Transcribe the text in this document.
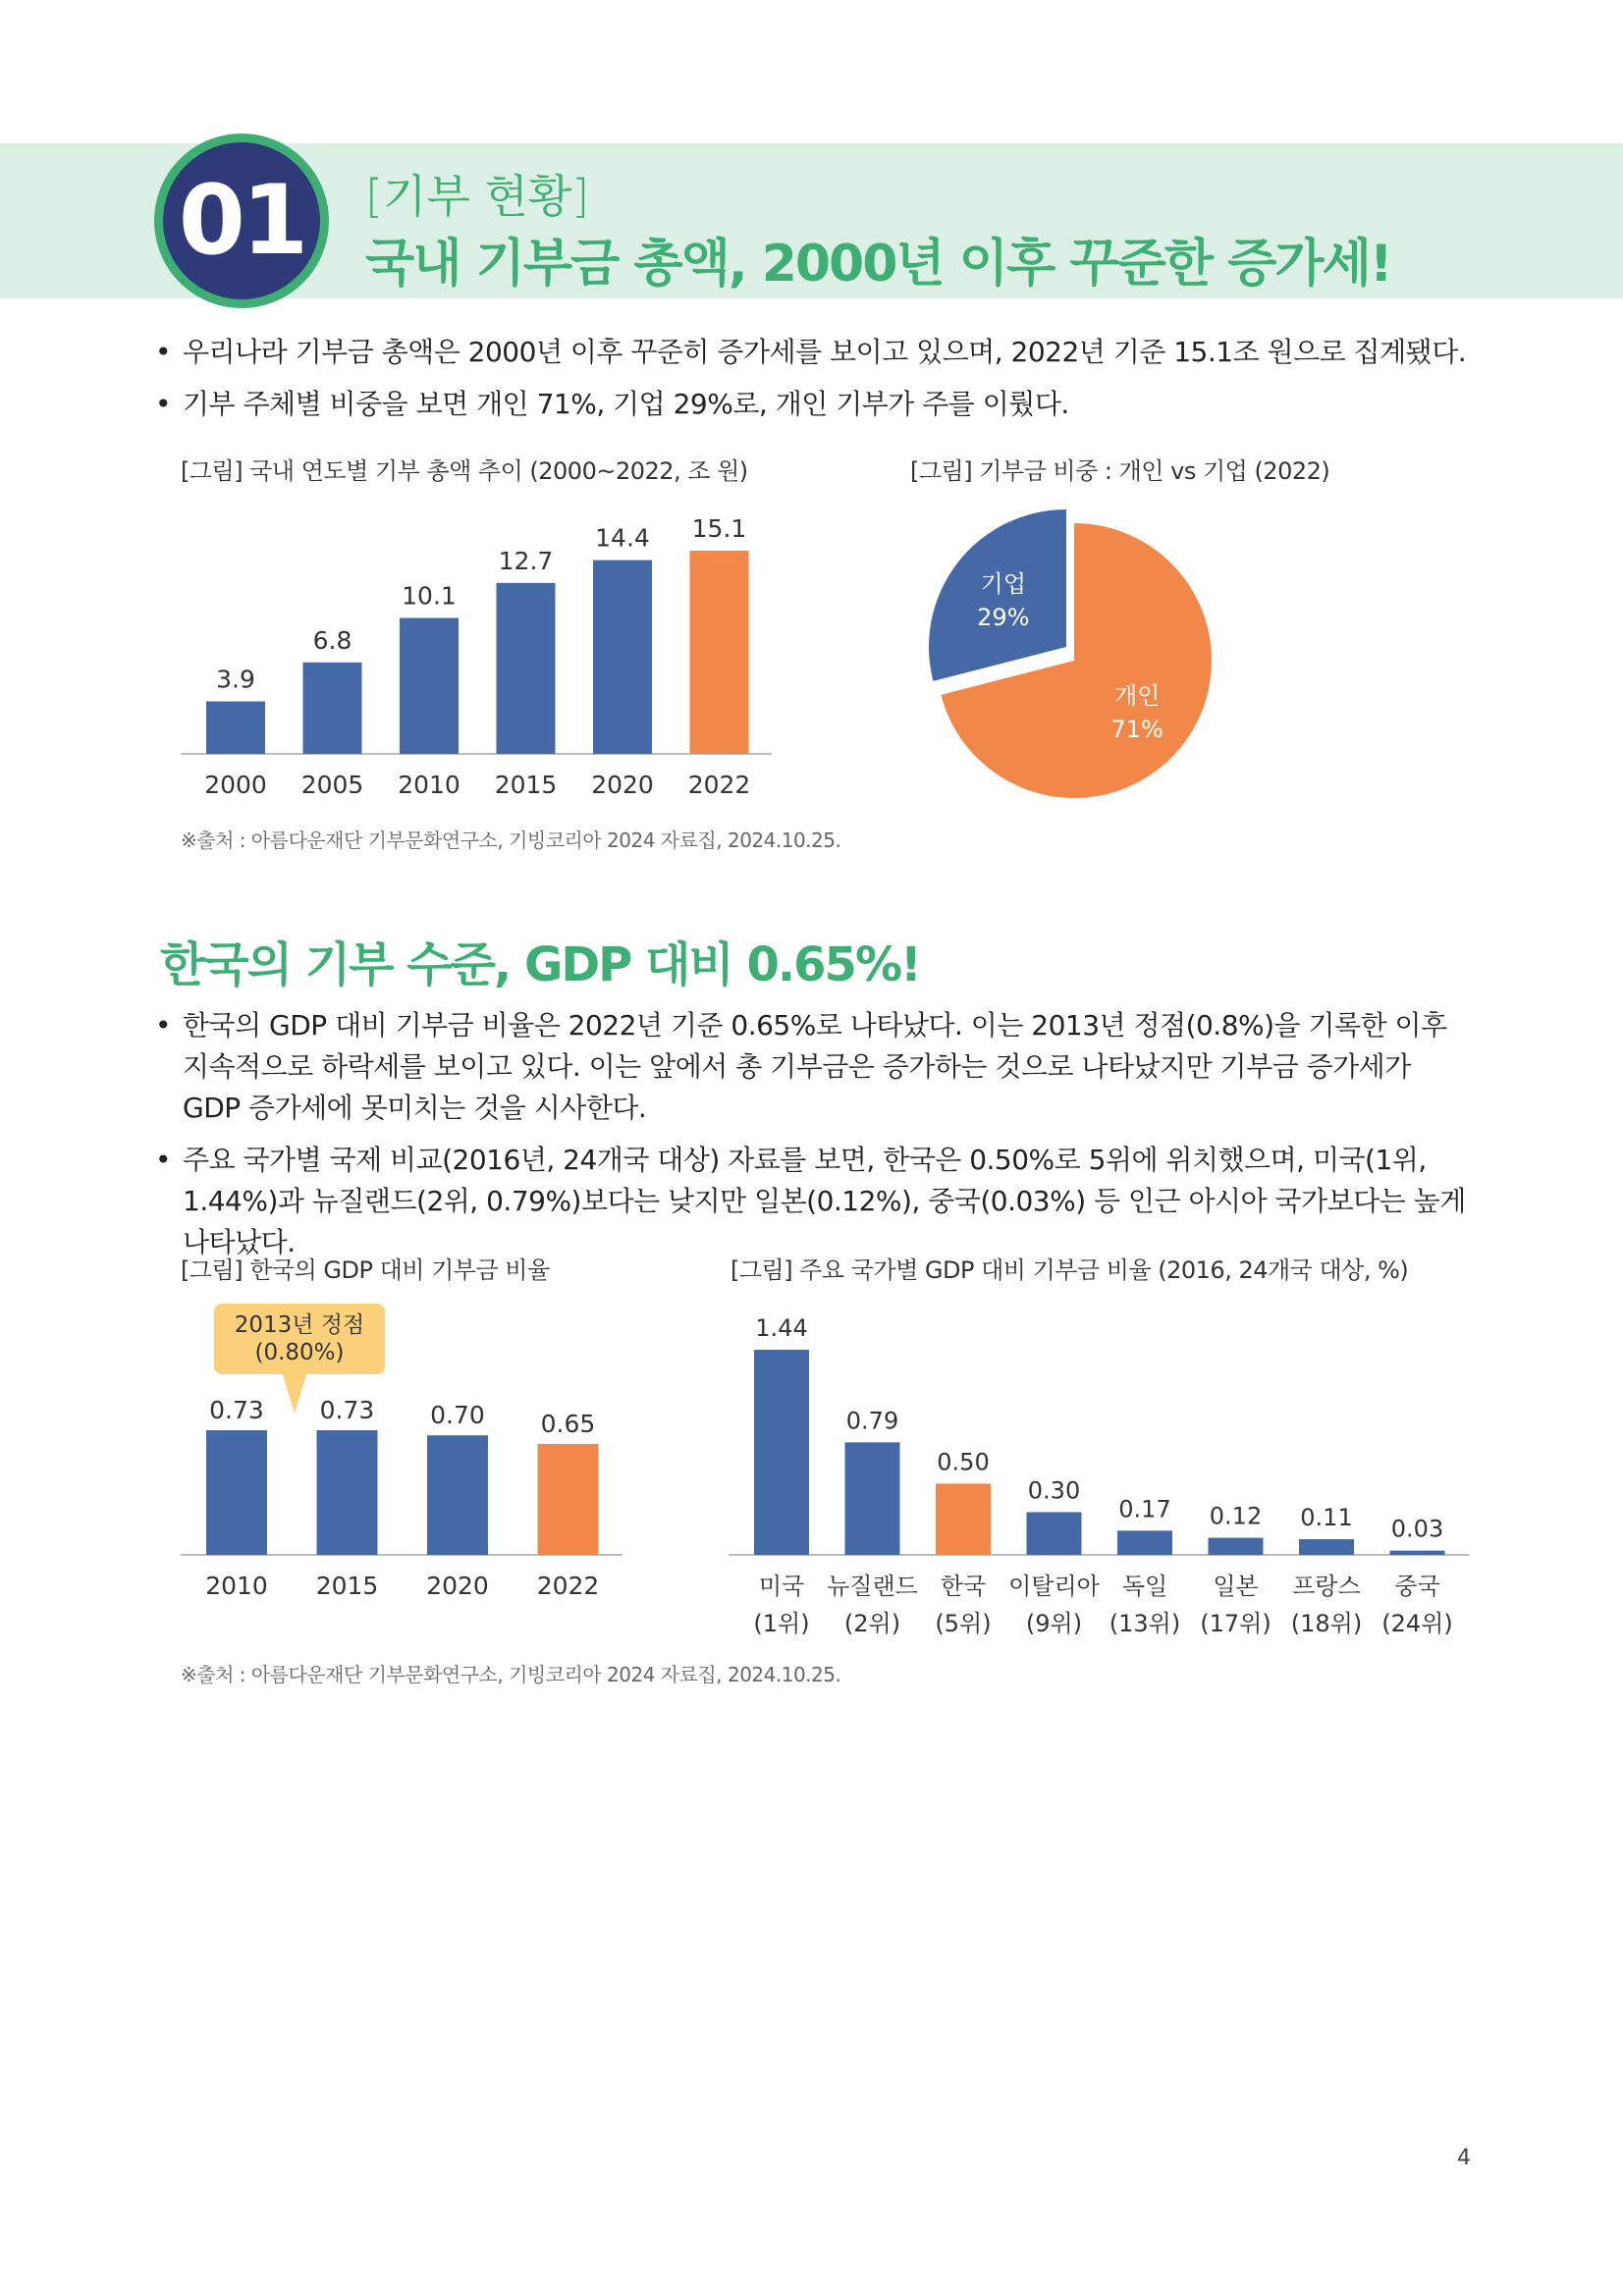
01	[기부 현황]
국내 기부금 총액, 2000년 이후 꾸준한 증가세!
• 우리나라 기부금 총액은 2000년 이후 꾸준히 증가세를 보이고 있으며, 2022년 기준 15.1조 원으로 집계됐다.
• 기부 주체별 비중을 보면 개인 71%, 기업 29%로, 개인 기부가 주를 이뤘다.
[그림] 국내 연도별 기부 총액 추이 (2000~2022, 조 원)
3.9
2000
6.8
2005
10.1
2010
12.7
2015
14.4
2020
15.1
2022
[그림] 기부금 비중 : 개인 vs 기업 (2022)
개인
71%
기업
29%
※출처 : 아름다운재단 기부문화연구소, 기빙코리아 2024 자료집, 2024.10.25.
한국의 기부 수준, GDP 대비 0.65%!
• 한국의 GDP 대비 기부금 비율은 2022년 기준 0.65%로 나타났다. 이는 2013년 정점(0.8%)을 기록한 이후 지속적으로 하락세를 보이고 있다. 이는 앞에서 총 기부금은 증가하는 것으로 나타났지만 기부금 증가세가 GDP 증가세에 못미치는 것을 시사한다.
• 주요 국가별 국제 비교(2016년, 24개국 대상) 자료를 보면, 한국은 0.50%로 5위에 위치했으며, 미국(1위, 1.44%)과 뉴질랜드(2위, 0.79%)보다는 낮지만 일본(0.12%), 중국(0.03%) 등 인근 아시아 국가보다는 높게 나타났다.
[그림] 한국의 GDP 대비 기부금 비율
2013년 정점
(0.80%)
0.73
2010
0.73
2015
0.70
2020
0.65
2022
[그림] 주요 국가별 GDP 대비 기부금 비율 (2016, 24개국 대상, %)
1.44
미국
(1위)
0.79
뉴질랜드
(2위)
0.50
한국
(5위)
0.30
이탈리아
(9위)
0.17
독일
(13위)
0.12
일본
(17위)
0.11
프랑스
(18위)
0.03
중국
(24위)
※출처 : 아름다운재단 기부문화연구소, 기빙코리아 2024 자료집, 2024.10.25.
4
